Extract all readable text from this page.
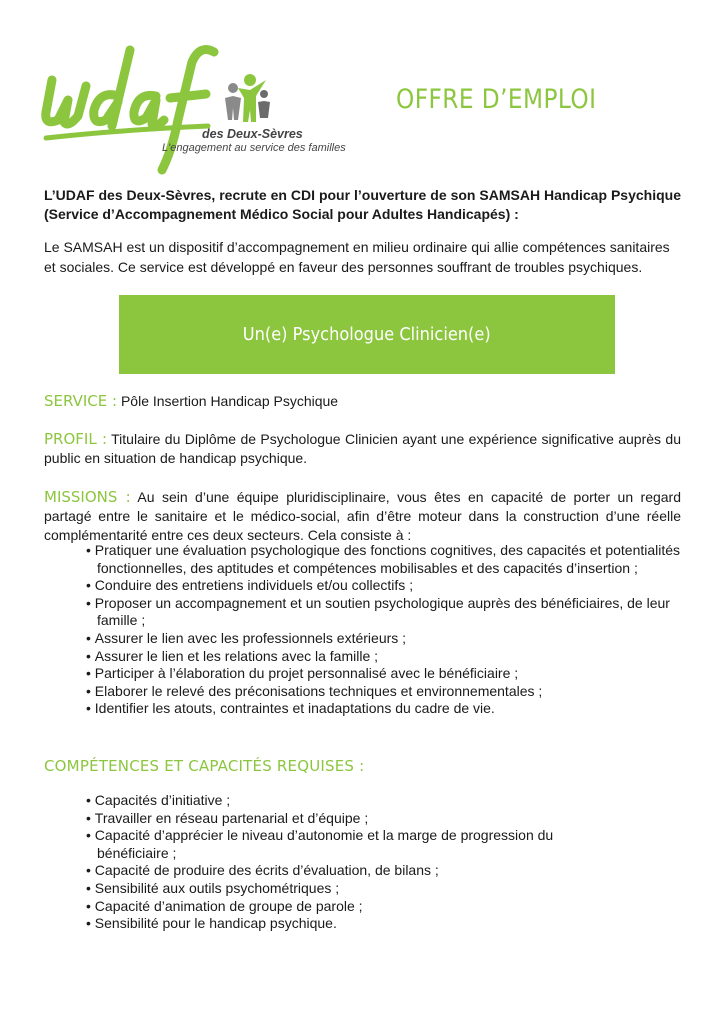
des Deux-Sèvres
L'engagement au service des familles
OFFRE D’EMPLOI

L’UDAF des Deux-Sèvres, recrute en CDI pour l’ouverture de son SAMSAH Handicap Psychique (Service d’Accompagnement Médico Social pour Adultes Handicapés) :

Le SAMSAH est un dispositif d’accompagnement en milieu ordinaire qui allie compétences sanitaires et sociales. Ce service est développé en faveur des personnes souffrant de troubles psychiques.

Un(e) Psychologue Clinicien(e)
SERVICE : Pôle Insertion Handicap Psychique
PROFIL : Titulaire du Diplôme de Psychologue Clinicien ayant une expérience significative auprès du public en situation de handicap psychique.
MISSIONS : Au sein d’une équipe pluridisciplinaire, vous êtes en capacité de porter un regard partagé entre le sanitaire et le médico-social, afin d’être moteur dans la construction d’une réelle complémentarité entre ces deux secteurs. Cela consiste à :
• Pratiquer une évaluation psychologique des fonctions cognitives, des capacités et potentialités fonctionnelles, des aptitudes et compétences mobilisables et des capacités d’insertion ;
• Conduire des entretiens individuels et/ou collectifs ;
• Proposer un accompagnement et un soutien psychologique auprès des bénéficiaires, de leur famille ;
• Assurer le lien avec les professionnels extérieurs ;
• Assurer le lien et les relations avec la famille ;
• Participer à l’élaboration du projet personnalisé avec le bénéficiaire ;
• Elaborer le relevé des préconisations techniques et environnementales ;
• Identifier les atouts, contraintes et inadaptations du cadre de vie.
COMPÉTENCES ET CAPACITÉS REQUISES :
• Capacités d’initiative ;
• Travailler en réseau partenarial et d’équipe ;
• Capacité d’apprécier le niveau d’autonomie et la marge de progression du bénéficiaire ;
• Capacité de produire des écrits d’évaluation, de bilans ;
• Sensibilité aux outils psychométriques ;
• Capacité d’animation de groupe de parole ;
• Sensibilité pour le handicap psychique.
